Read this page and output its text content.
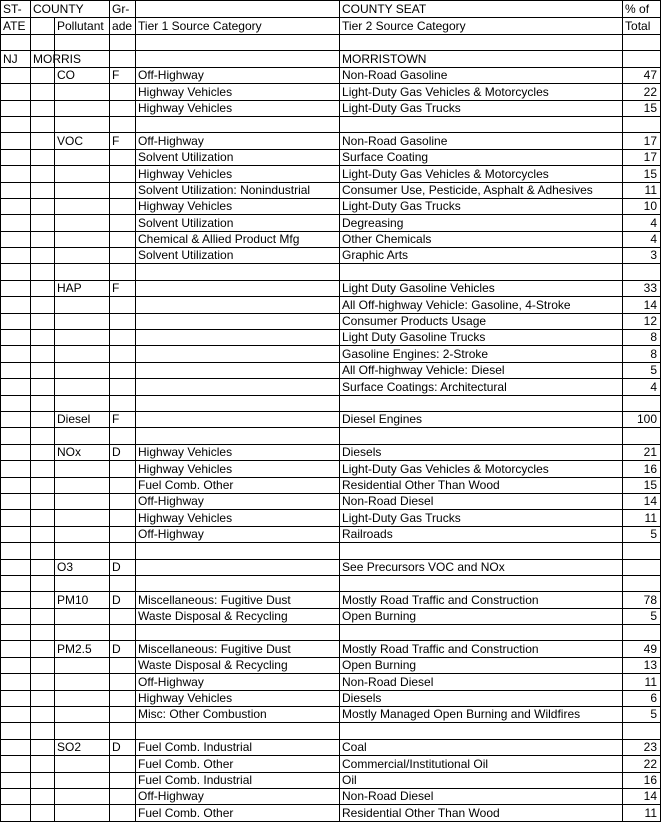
ST-	COUNTY		Gr-		COUNTY SEAT	% of
ATE		Pollutant	ade	Tier 1 Source Category	Tier 2 Source Category	Total

NJ	MORRIS				MORRISTOWN	
		CO	F	Off-Highway	Non-Road Gasoline	47
				Highway Vehicles	Light-Duty Gas Vehicles & Motorcycles	22
				Highway Vehicles	Light-Duty Gas Trucks	15

		VOC	F	Off-Highway	Non-Road Gasoline	17
				Solvent Utilization	Surface Coating	17
				Highway Vehicles	Light-Duty Gas Vehicles & Motorcycles	15
				Solvent Utilization: Nonindustrial	Consumer Use, Pesticide, Asphalt & Adhesives	11
				Highway Vehicles	Light-Duty Gas Trucks	10
				Solvent Utilization	Degreasing	4
				Chemical & Allied Product Mfg	Other Chemicals	4
				Solvent Utilization	Graphic Arts	3

		HAP	F		Light Duty Gasoline Vehicles	33
					All Off-highway Vehicle: Gasoline, 4-Stroke	14
					Consumer Products Usage	12
					Light Duty Gasoline Trucks	8
					Gasoline Engines: 2-Stroke	8
					All Off-highway Vehicle: Diesel	5
					Surface Coatings: Architectural	4

		Diesel	F		Diesel Engines	100

		NOx	D	Highway Vehicles	Diesels	21
				Highway Vehicles	Light-Duty Gas Vehicles & Motorcycles	16
				Fuel Comb. Other	Residential Other Than Wood	15
				Off-Highway	Non-Road Diesel	14
				Highway Vehicles	Light-Duty Gas Trucks	11
				Off-Highway	Railroads	5

		O3	D		See Precursors VOC and NOx	

		PM10	D	Miscellaneous: Fugitive Dust	Mostly Road Traffic and Construction	78
				Waste Disposal & Recycling	Open Burning	5

		PM2.5	D	Miscellaneous: Fugitive Dust	Mostly Road Traffic and Construction	49
				Waste Disposal & Recycling	Open Burning	13
				Off-Highway	Non-Road Diesel	11
				Highway Vehicles	Diesels	6
				Misc: Other Combustion	Mostly Managed Open Burning and Wildfires	5

		SO2	D	Fuel Comb. Industrial	Coal	23
				Fuel Comb. Other	Commercial/Institutional Oil	22
				Fuel Comb. Industrial	Oil	16
				Off-Highway	Non-Road Diesel	14
				Fuel Comb. Other	Residential Other Than Wood	11
